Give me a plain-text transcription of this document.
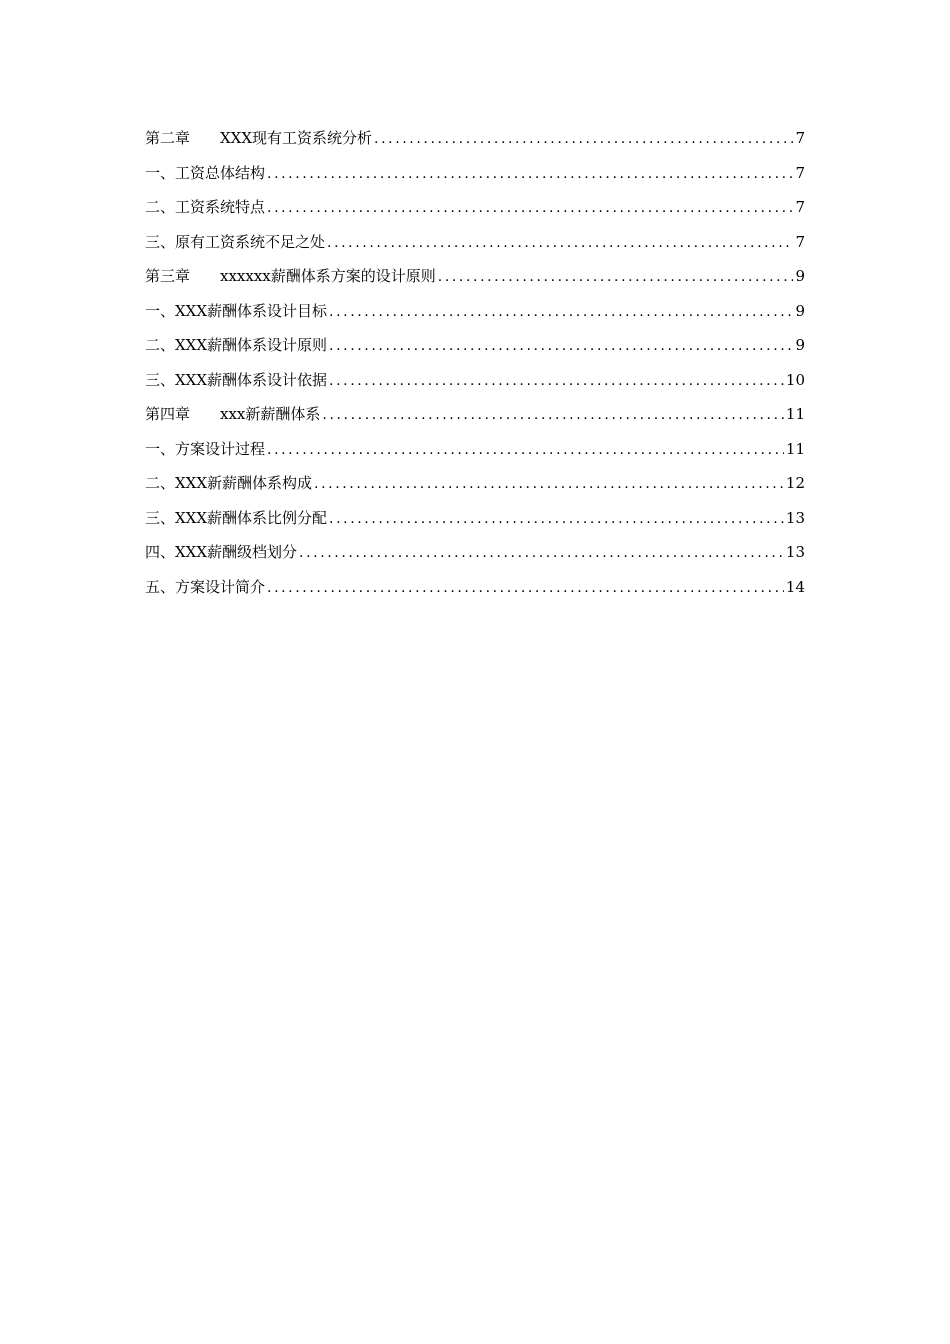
第二章　　XXX现有工资系统分析 .....	7
一、工资总体结构 .....	7
二、工资系统特点 .....	7
三、原有工资系统不足之处 .....	7
第三章　　xxxxxx薪酬体系方案的设计原则 .....	9
一、XXX薪酬体系设计目标 .....	9
二、XXX薪酬体系设计原则 .....	9
三、XXX薪酬体系设计依据 .....	10
第四章　　xxx新薪酬体系 .....	11
一、方案设计过程 .....	11
二、XXX新薪酬体系构成 .....	12
三、XXX薪酬体系比例分配 .....	13
四、XXX薪酬级档划分 .....	13
五、方案设计简介 .....	14
